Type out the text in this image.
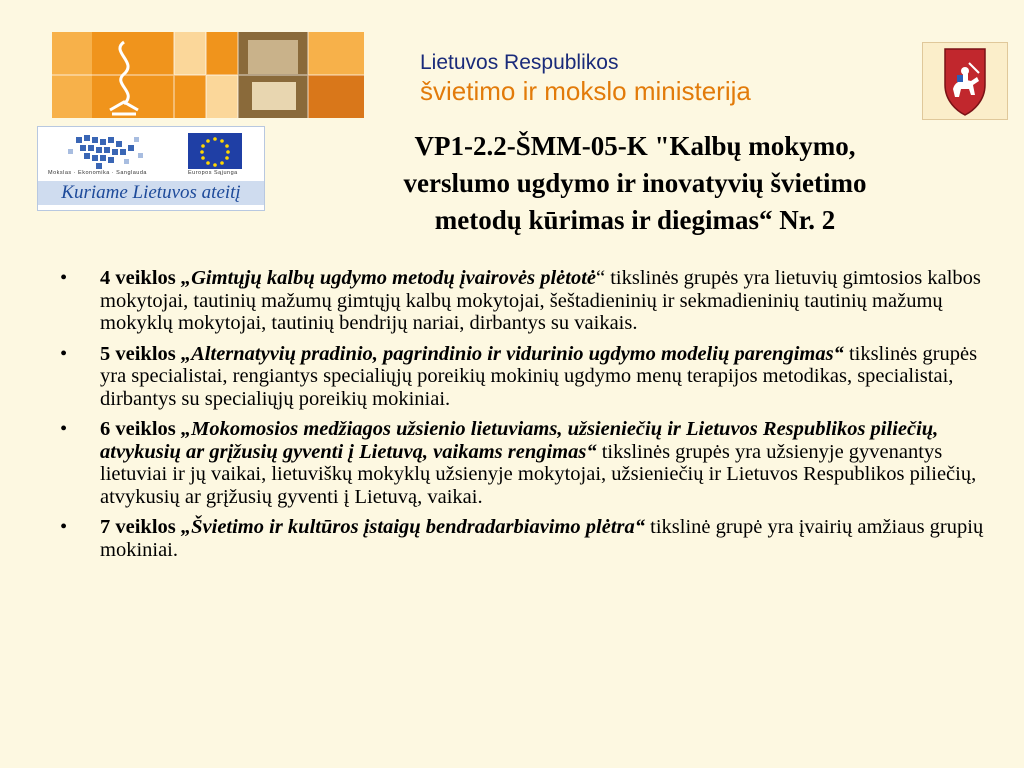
Lietuvos Respublikos
švietimo ir mokslo ministerija
Mokslas · Ekonomika · Sanglauda	Europos Sąjunga
Kuriame Lietuvos ateitį
VP1-2.2-ŠMM-05-K "Kalbų mokymo,
verslumo ugdymo ir inovatyvių švietimo
metodų kūrimas ir diegimas“ Nr. 2
• 4 veiklos „Gimtųjų kalbų ugdymo metodų įvairovės plėtotė“ tikslinės grupės yra lietuvių gimtosios kalbos mokytojai, tautinių mažumų gimtųjų kalbų mokytojai, šeštadieninių ir sekmadieninių tautinių mažumų mokyklų mokytojai, tautinių bendrijų nariai, dirbantys su vaikais.
• 5 veiklos „Alternatyvių pradinio, pagrindinio ir vidurinio ugdymo modelių parengimas“ tikslinės grupės yra specialistai, rengiantys specialiųjų poreikių mokinių ugdymo menų terapijos metodikas, specialistai, dirbantys su specialiųjų poreikių mokiniai.
• 6 veiklos „Mokomosios medžiagos užsienio lietuviams, užsieniečių ir Lietuvos Respublikos piliečių, atvykusių ar grįžusių gyventi į Lietuvą, vaikams rengimas“ tikslinės grupės yra užsienyje gyvenantys lietuviai ir jų vaikai, lietuviškų mokyklų užsienyje mokytojai, užsieniečių ir Lietuvos Respublikos piliečių, atvykusių ar grįžusių gyventi į Lietuvą, vaikai.
• 7 veiklos „Švietimo ir kultūros įstaigų bendradarbiavimo plėtra“ tikslinė grupė yra įvairių amžiaus grupių mokiniai.
